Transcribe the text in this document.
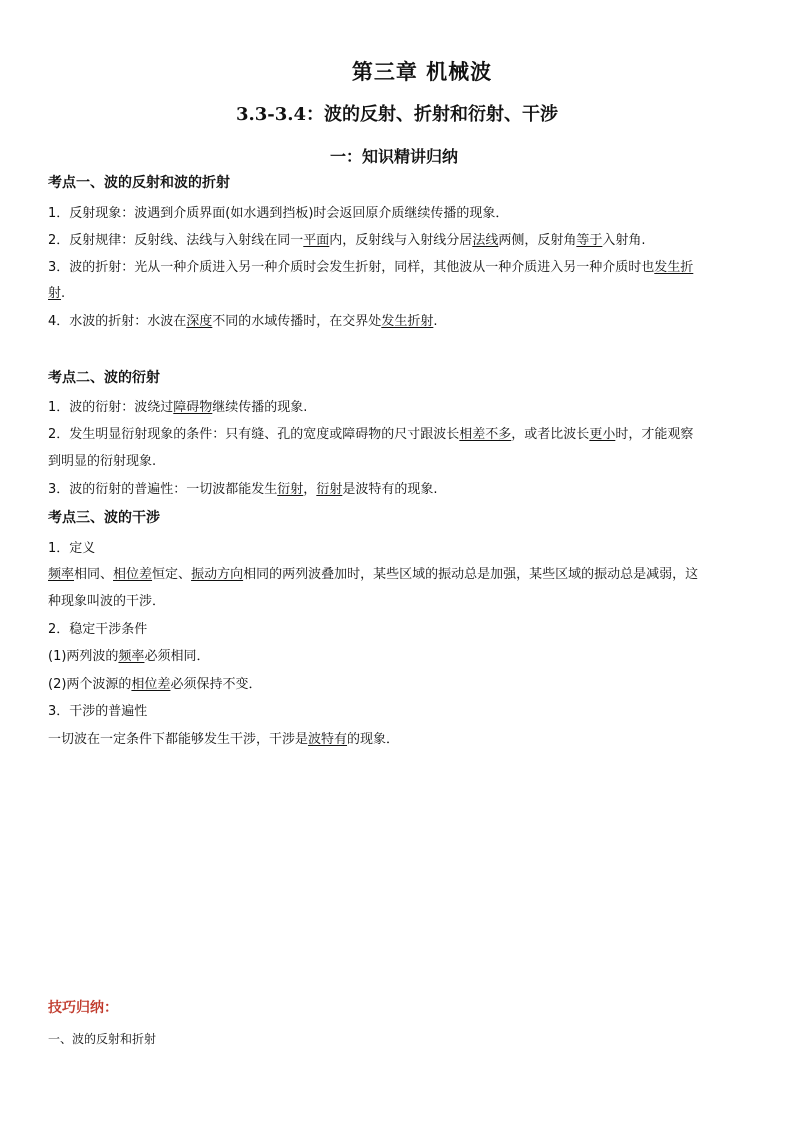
第三章 机械波
3.3-3.4：波的反射、折射和衍射、干涉
一：知识精讲归纳
考点一、波的反射和波的折射
1．反射现象：波遇到介质界面(如水遇到挡板)时会返回原介质继续传播的现象．
2．反射规律：反射线、法线与入射线在同一平面内，反射线与入射线分居法线两侧，反射角等于入射角.
3．波的折射：光从一种介质进入另一种介质时会发生折射，同样，其他波从一种介质进入另一种介质时也发生折
射.
4．水波的折射：水波在深度不同的水域传播时，在交界处发生折射.
考点二、波的衍射
1．波的衍射：波绕过障碍物继续传播的现象.
2．发生明显衍射现象的条件：只有缝、孔的宽度或障碍物的尺寸跟波长相差不多，或者比波长更小时，才能观察
到明显的衍射现象.
3．波的衍射的普遍性：一切波都能发生衍射，衍射是波特有的现象.
考点三、波的干涉
1．定义
频率相同、相位差恒定、振动方向相同的两列波叠加时，某些区域的振动总是加强，某些区域的振动总是减弱，这
种现象叫波的干涉．
2．稳定干涉条件
(1)两列波的频率必须相同．
(2)两个波源的相位差必须保持不变．
3．干涉的普遍性
一切波在一定条件下都能够发生干涉，干涉是波特有的现象．
技巧归纳：
一、波的反射和折射
